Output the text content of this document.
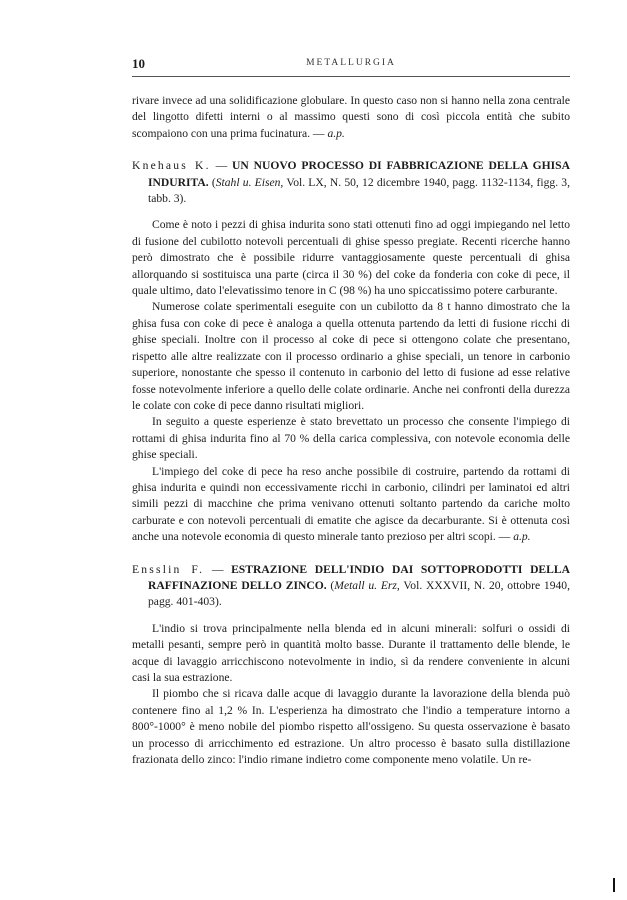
10	METALLURGIA

rivare invece ad una solidificazione globulare. In questo caso non si hanno nella zona centrale del lingotto difetti interni o al massimo questi sono di così piccola entità che subito scompaiono con una prima fucinatura. — a.p.

Knehaus K. — UN NUOVO PROCESSO DI FABBRICAZIONE DELLA GHISA INDURITA. (Stahl u. Eisen, Vol. LX, N. 50, 12 dicembre 1940, pagg. 1132-1134, figg. 3, tabb. 3).

Come è noto i pezzi di ghisa indurita sono stati ottenuti fino ad oggi impiegando nel letto di fusione del cubilotto notevoli percentuali di ghise spesso pregiate. Recenti ricerche hanno però dimostrato che è possibile ridurre vantaggiosamente queste percentuali di ghisa allorquando si sostituisca una parte (circa il 30 %) del coke da fonderia con coke di pece, il quale ultimo, dato l'elevatissimo tenore in C (98 %) ha uno spiccatissimo potere carburante.

Numerose colate sperimentali eseguite con un cubilotto da 8 t hanno dimostrato che la ghisa fusa con coke di pece è analoga a quella ottenuta partendo da letti di fusione ricchi di ghise speciali. Inoltre con il processo al coke di pece si ottengono colate che presentano, rispetto alle altre realizzate con il processo ordinario a ghise speciali, un tenore in carbonio superiore, nonostante che spesso il contenuto in carbonio del letto di fusione ad esse relative fosse notevolmente inferiore a quello delle colate ordinarie. Anche nei confronti della durezza le colate con coke di pece danno risultati migliori.

In seguito a queste esperienze è stato brevettato un processo che consente l'impiego di rottami di ghisa indurita fino al 70 % della carica complessiva, con notevole economia delle ghise speciali.

L'impiego del coke di pece ha reso anche possibile di costruire, partendo da rottami di ghisa indurita e quindi non eccessivamente ricchi in carbonio, cilindri per laminatoi ed altri simili pezzi di macchine che prima venivano ottenuti soltanto partendo da cariche molto carburate e con notevoli percentuali di ematite che agisce da decarburante. Si è ottenuta così anche una notevole economia di questo minerale tanto prezioso per altri scopi. — a.p.

Ensslin F. — ESTRAZIONE DELL'INDIO DAI SOTTOPRODOTTI DELLA RAFFINAZIONE DELLO ZINCO. (Metall u. Erz, Vol. XXXVII, N. 20, ottobre 1940, pagg. 401-403).

L'indio si trova principalmente nella blenda ed in alcuni minerali: solfuri o ossidi di metalli pesanti, sempre però in quantità molto basse. Durante il trattamento delle blende, le acque di lavaggio arricchiscono notevolmente in indio, sì da rendere conveniente in alcuni casi la sua estrazione.

Il piombo che si ricava dalle acque di lavaggio durante la lavorazione della blenda può contenere fino al 1,2 % In. L'esperienza ha dimostrato che l'indio a temperature intorno a 800°-1000° è meno nobile del piombo rispetto all'ossigeno. Su questa osservazione è basato un processo di arricchimento ed estrazione. Un altro processo è basato sulla distillazione frazionata dello zinco: l'indio rimane indietro come componente meno volatile. Un re-
